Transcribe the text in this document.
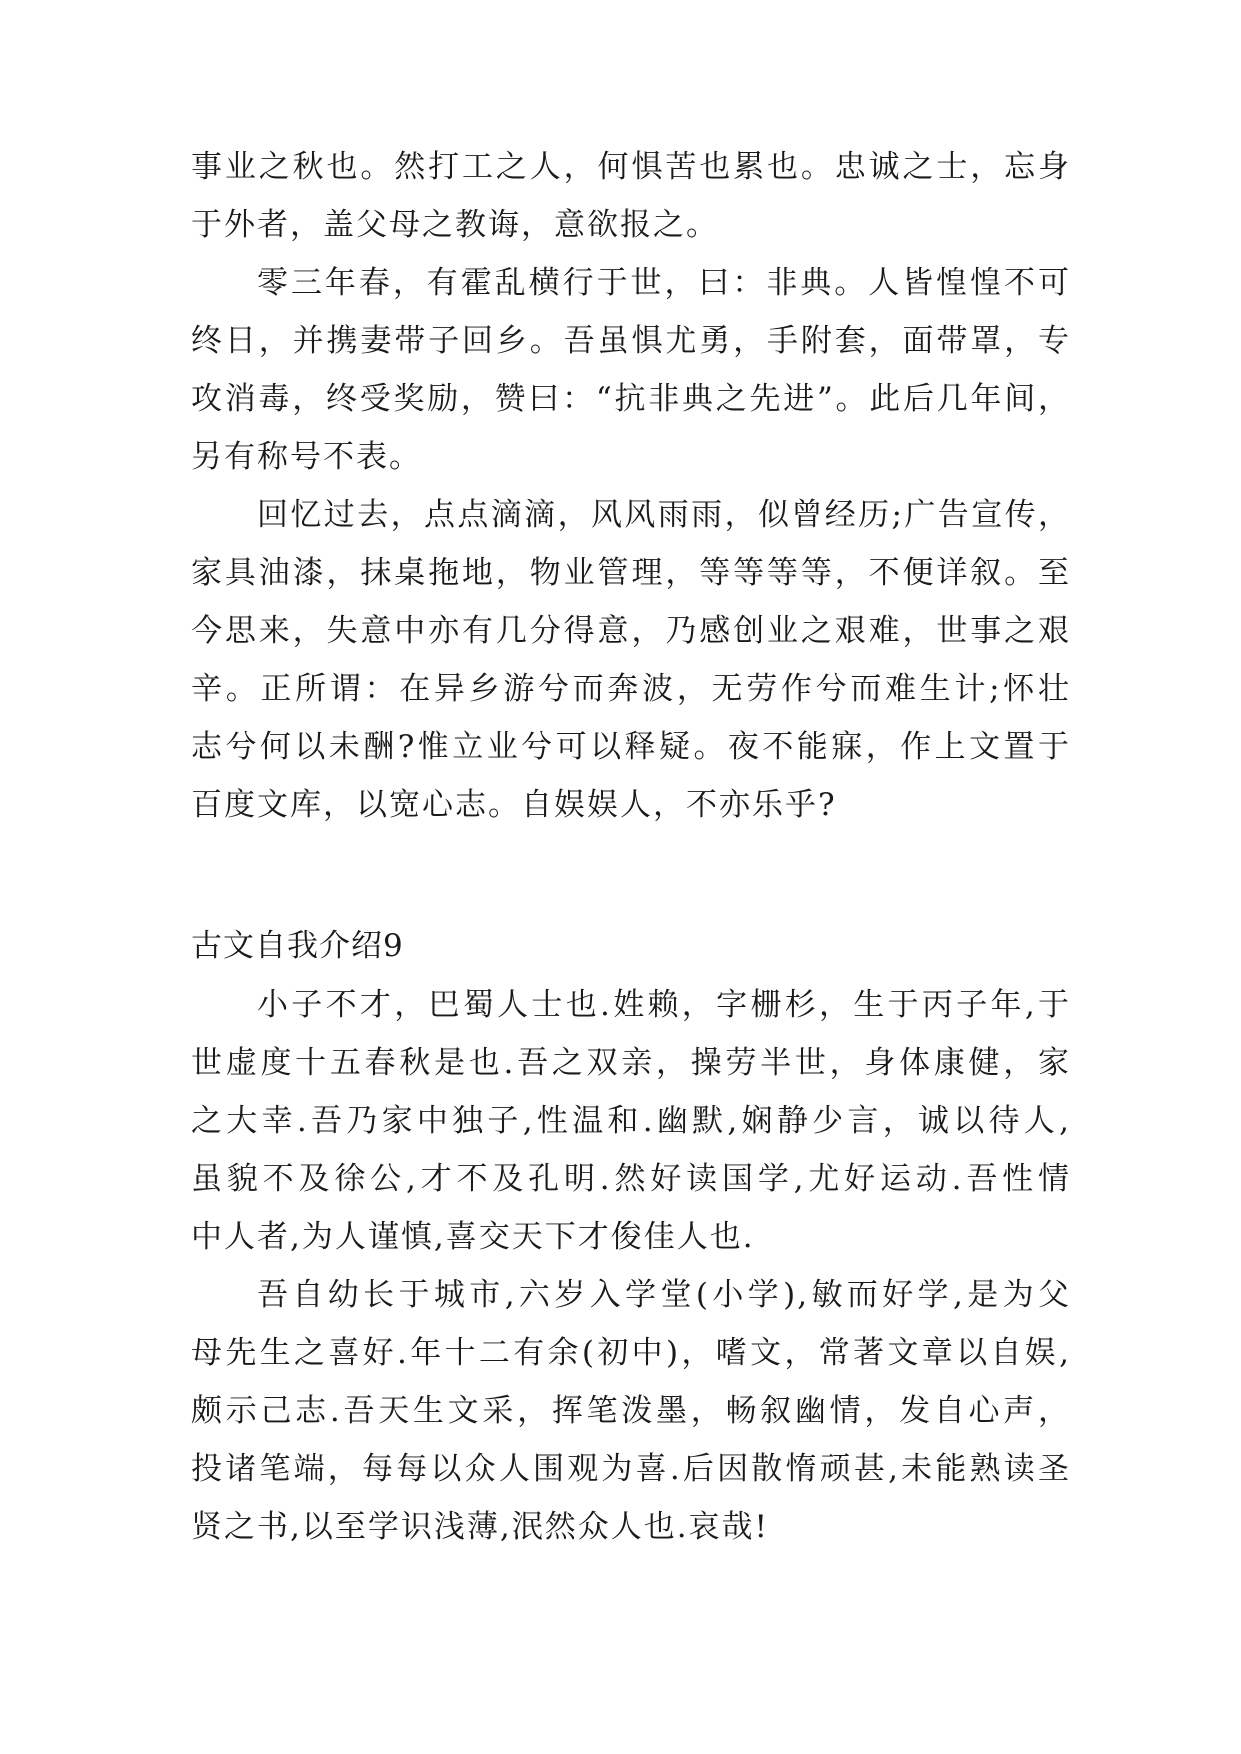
事业之秋也。然打工之人，何惧苦也累也。忠诚之士，忘身
于外者，盖父母之教诲，意欲报之。
零三年春，有霍乱横行于世，曰：非典。人皆惶惶不可
终日，并携妻带子回乡。吾虽惧尤勇，手附套，面带罩，专
攻消毒，终受奖励，赞曰：“抗非典之先进”。此后几年间，
另有称号不表。
回忆过去，点点滴滴，风风雨雨，似曾经历;广告宣传，
家具油漆，抹桌拖地，物业管理，等等等等，不便详叙。至
今思来，失意中亦有几分得意，乃感创业之艰难，世事之艰
辛。正所谓：在异乡游兮而奔波，无劳作兮而难生计;怀壮
志兮何以未酬?惟立业兮可以释疑。夜不能寐，作上文置于
百度文库，以宽心志。自娱娱人，不亦乐乎?
古文自我介绍9
小子不才，巴蜀人士也.姓赖，字栅杉，生于丙子年,于
世虚度十五春秋是也.吾之双亲，操劳半世，身体康健，家
之大幸.吾乃家中独子,性温和.幽默,娴静少言，诚以待人,
虽貌不及徐公,才不及孔明.然好读国学,尤好运动.吾性情
中人者,为人谨慎,喜交天下才俊佳人也.
吾自幼长于城市,六岁入学堂(小学),敏而好学,是为父
母先生之喜好.年十二有余(初中)，嗜文，常著文章以自娱,
颇示己志.吾天生文采，挥笔泼墨，畅叙幽情，发自心声，
投诸笔端，每每以众人围观为喜.后因散惰顽甚,未能熟读圣
贤之书,以至学识浅薄,泯然众人也.哀哉!
